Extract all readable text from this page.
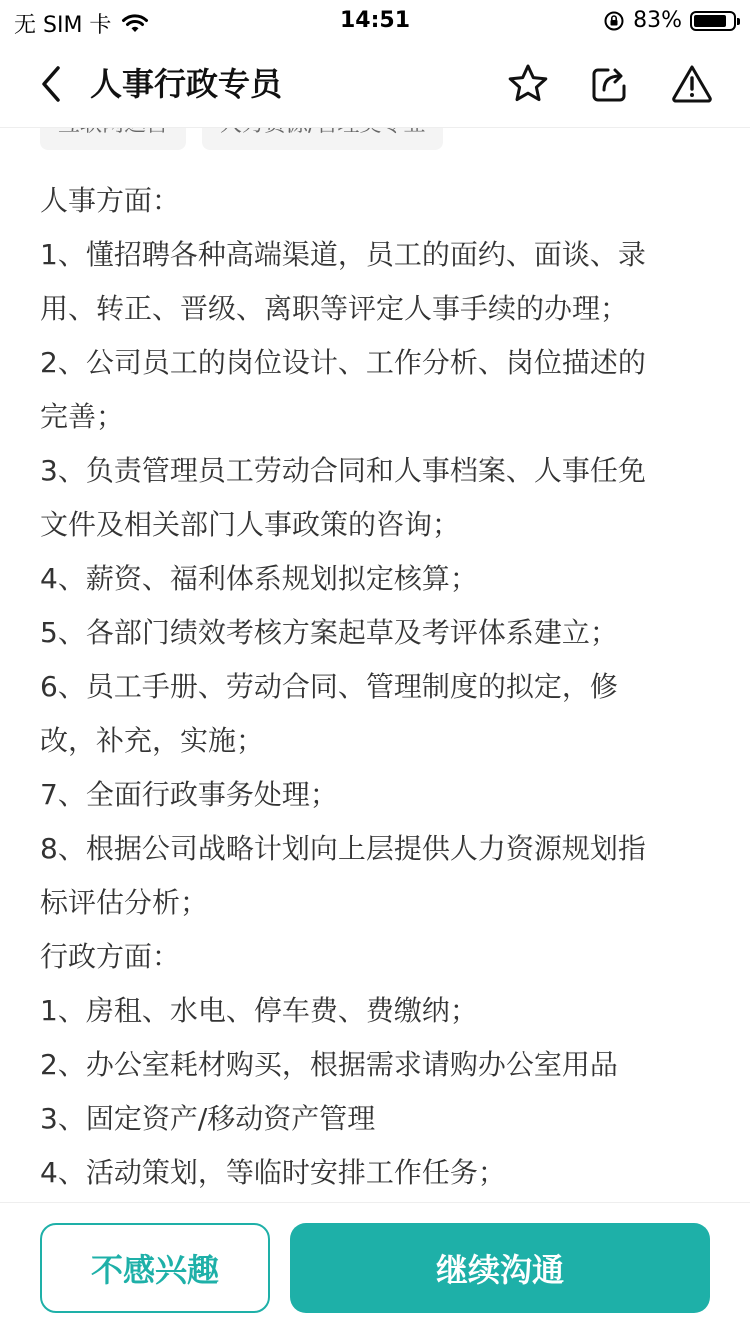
无 SIM 卡	14:51	83%
人事行政专员
人事方面：
1、懂招聘各种高端渠道，员工的面约、面谈、录
用、转正、晋级、离职等评定人事手续的办理；
2、公司员工的岗位设计、工作分析、岗位描述的
完善；
3、负责管理员工劳动合同和人事档案、人事任免
文件及相关部门人事政策的咨询；
4、薪资、福利体系规划拟定核算；
5、各部门绩效考核方案起草及考评体系建立；
6、员工手册、劳动合同、管理制度的拟定，修
改，补充，实施；
7、全面行政事务处理；
8、根据公司战略计划向上层提供人力资源规划指
标评估分析；
行政方面：
1、房租、水电、停车费、费缴纳；
2、办公室耗材购买，根据需求请购办公室用品
3、固定资产/移动资产管理
4、活动策划，等临时安排工作任务；
不感兴趣	继续沟通
